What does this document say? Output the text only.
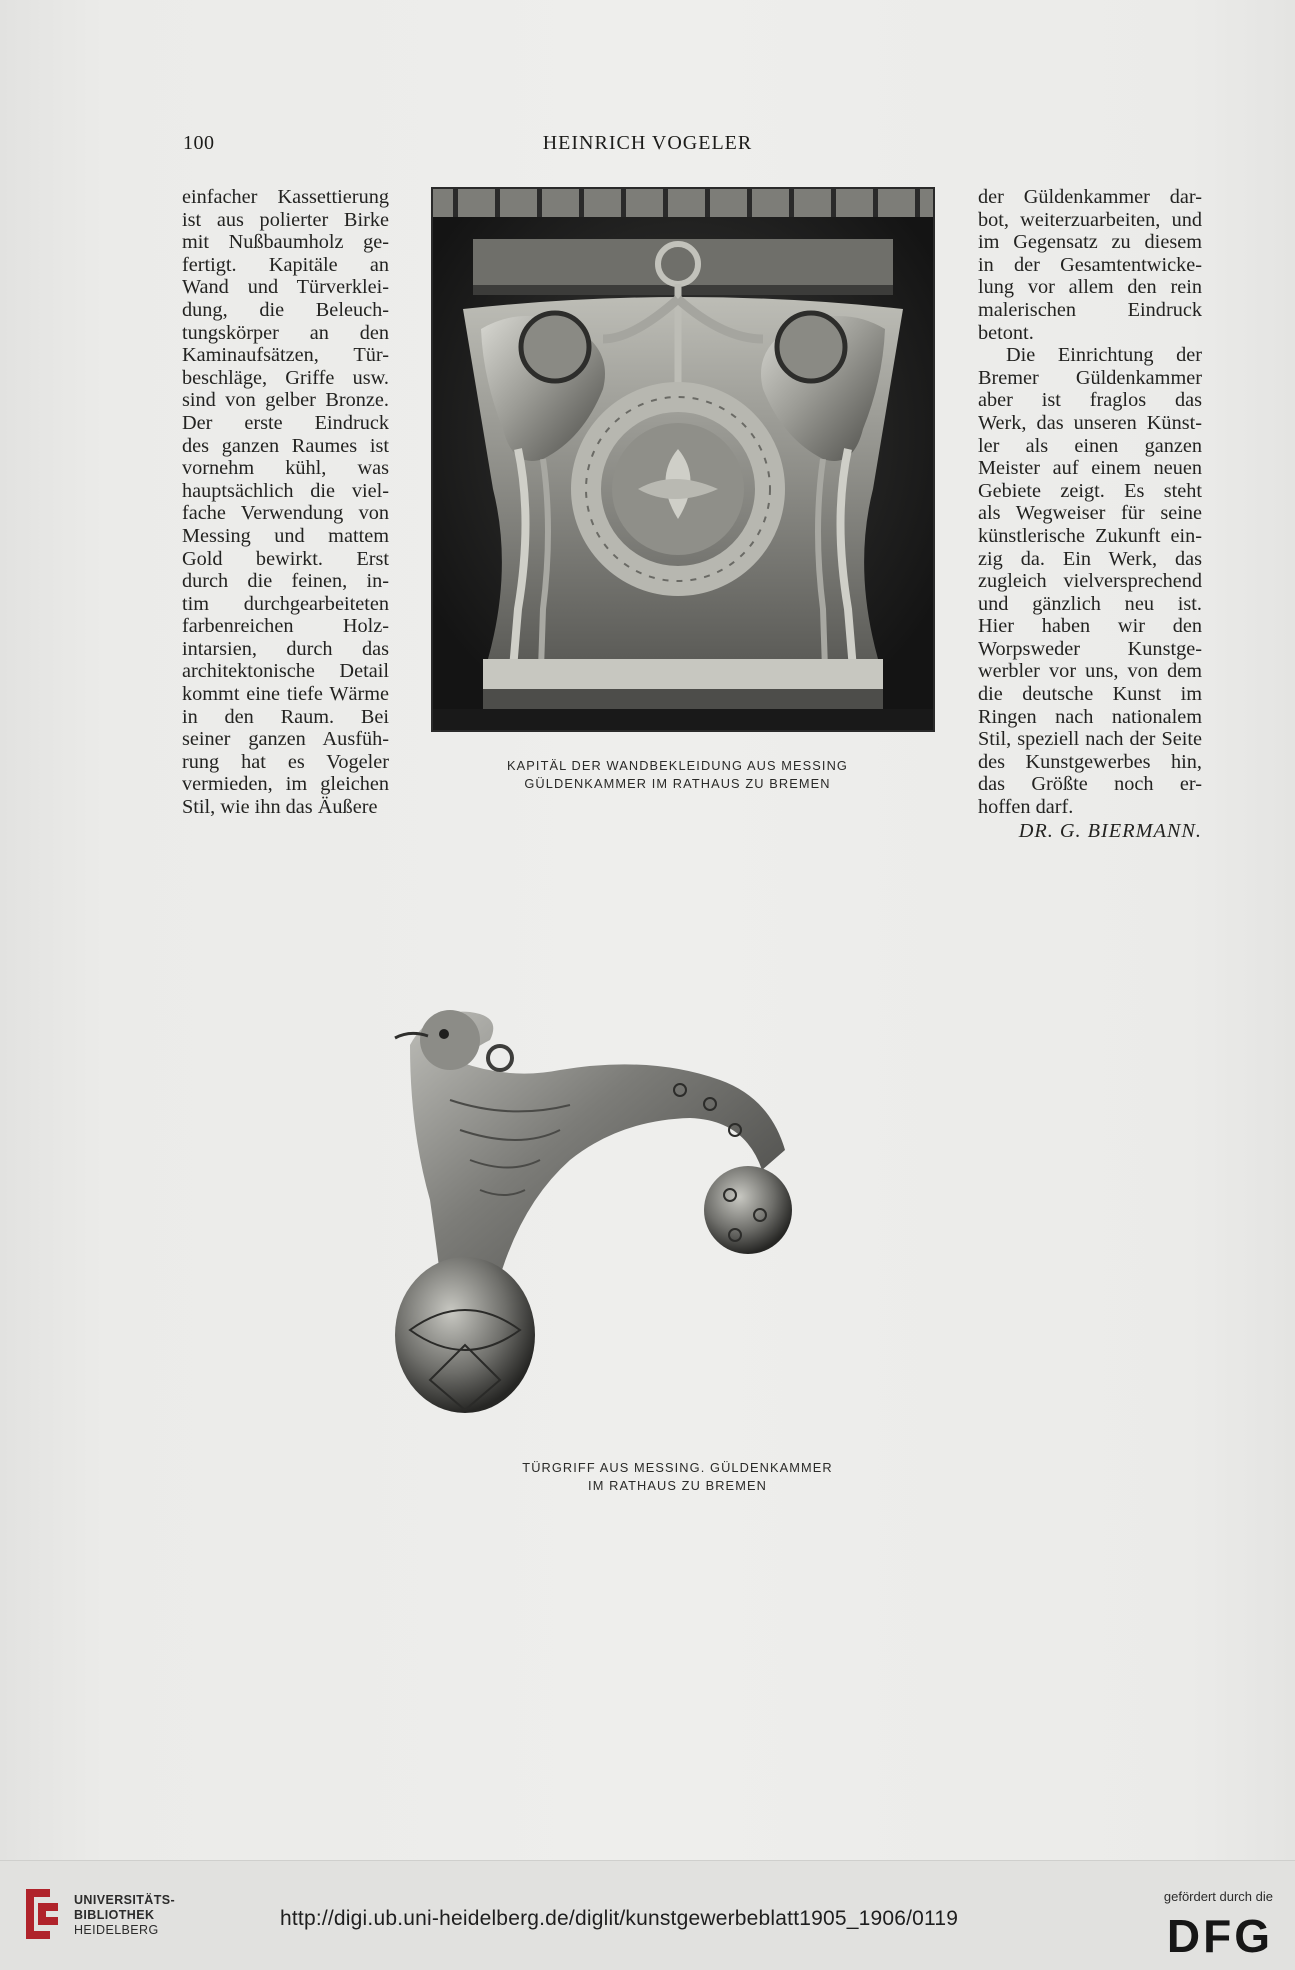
100	HEINRICH VOGELER
einfacher Kassettierung
ist aus polierter Birke
mit Nußbaumholz ge-
fertigt. Kapitäle an
Wand und Türverklei-
dung, die Beleuch-
tungskörper an den
Kaminaufsätzen, Tür-
beschläge, Griffe usw.
sind von gelber Bronze.
Der erste Eindruck
des ganzen Raumes ist
vornehm kühl, was
hauptsächlich die viel-
fache Verwendung von
Messing und mattem
Gold bewirkt. Erst
durch die feinen, in-
tim durchgearbeiteten
farbenreichen Holz-
intarsien, durch das
architektonische Detail
kommt eine tiefe Wärme
in den Raum. Bei
seiner ganzen Ausfüh-
rung hat es Vogeler
vermieden, im gleichen
Stil, wie ihn das Äußere
KAPITÄL DER WANDBEKLEIDUNG AUS MESSING
GÜLDENKAMMER IM RATHAUS ZU BREMEN
der Güldenkammer dar-
bot, weiterzuarbeiten, und
im Gegensatz zu diesem
in der Gesamtentwicke-
lung vor allem den rein
malerischen Eindruck
betont.
Die Einrichtung der
Bremer Güldenkammer
aber ist fraglos das
Werk, das unseren Künst-
ler als einen ganzen
Meister auf einem neuen
Gebiete zeigt. Es steht
als Wegweiser für seine
künstlerische Zukunft ein-
zig da. Ein Werk, das
zugleich vielversprechend
und gänzlich neu ist.
Hier haben wir den
Worpsweder Kunstge-
werbler vor uns, von dem
die deutsche Kunst im
Ringen nach nationalem
Stil, speziell nach der Seite
des Kunstgewerbes hin,
das Größte noch er-
hoffen darf.
DR. G. BIERMANN.
TÜRGRIFF AUS MESSING. GÜLDENKAMMER
IM RATHAUS ZU BREMEN
UNIVERSITÄTS-
BIBLIOTHEK
HEIDELBERG	http://digi.ub.uni-heidelberg.de/diglit/kunstgewerbeblatt1905_1906/0119
gefördert durch die
DFG
